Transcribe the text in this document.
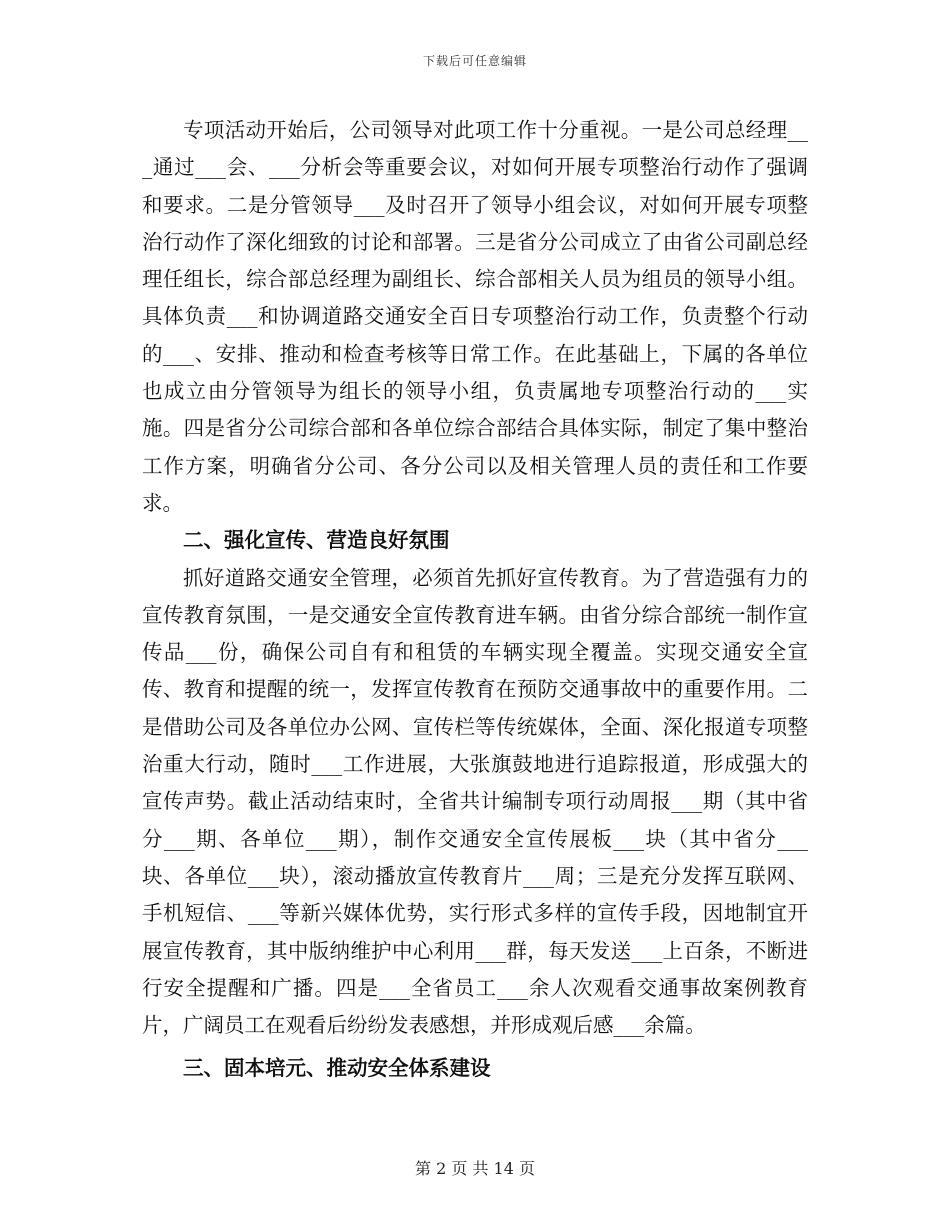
下载后可任意编辑

专项活动开始后，公司领导对此项工作十分重视。一是公司总经理___通过___会、___分析会等重要会议，对如何开展专项整治行动作了强调和要求。二是分管领导___及时召开了领导小组会议，对如何开展专项整治行动作了深化细致的讨论和部署。三是省分公司成立了由省公司副总经理任组长，综合部总经理为副组长、综合部相关人员为组员的领导小组。具体负责___和协调道路交通安全百日专项整治行动工作，负责整个行动的___、安排、推动和检查考核等日常工作。在此基础上，下属的各单位也成立由分管领导为组长的领导小组，负责属地专项整治行动的___实施。四是省分公司综合部和各单位综合部结合具体实际，制定了集中整治工作方案，明确省分公司、各分公司以及相关管理人员的责任和工作要求。

二、强化宣传、营造良好氛围

抓好道路交通安全管理，必须首先抓好宣传教育。为了营造强有力的宣传教育氛围，一是交通安全宣传教育进车辆。由省分综合部统一制作宣传品___份，确保公司自有和租赁的车辆实现全覆盖。实现交通安全宣传、教育和提醒的统一，发挥宣传教育在预防交通事故中的重要作用。二是借助公司及各单位办公网、宣传栏等传统媒体，全面、深化报道专项整治重大行动，随时___工作进展，大张旗鼓地进行追踪报道，形成强大的宣传声势。截止活动结束时，全省共计编制专项行动周报___期（其中省分___期、各单位___期），制作交通安全宣传展板___块（其中省分___块、各单位___块），滚动播放宣传教育片___周；三是充分发挥互联网、手机短信、___等新兴媒体优势，实行形式多样的宣传手段，因地制宜开展宣传教育，其中版纳维护中心利用___群，每天发送___上百条，不断进行安全提醒和广播。四是___全省员工___余人次观看交通事故案例教育片，广阔员工在观看后纷纷发表感想，并形成观后感___余篇。

三、固本培元、推动安全体系建设

第 2 页 共 14 页
